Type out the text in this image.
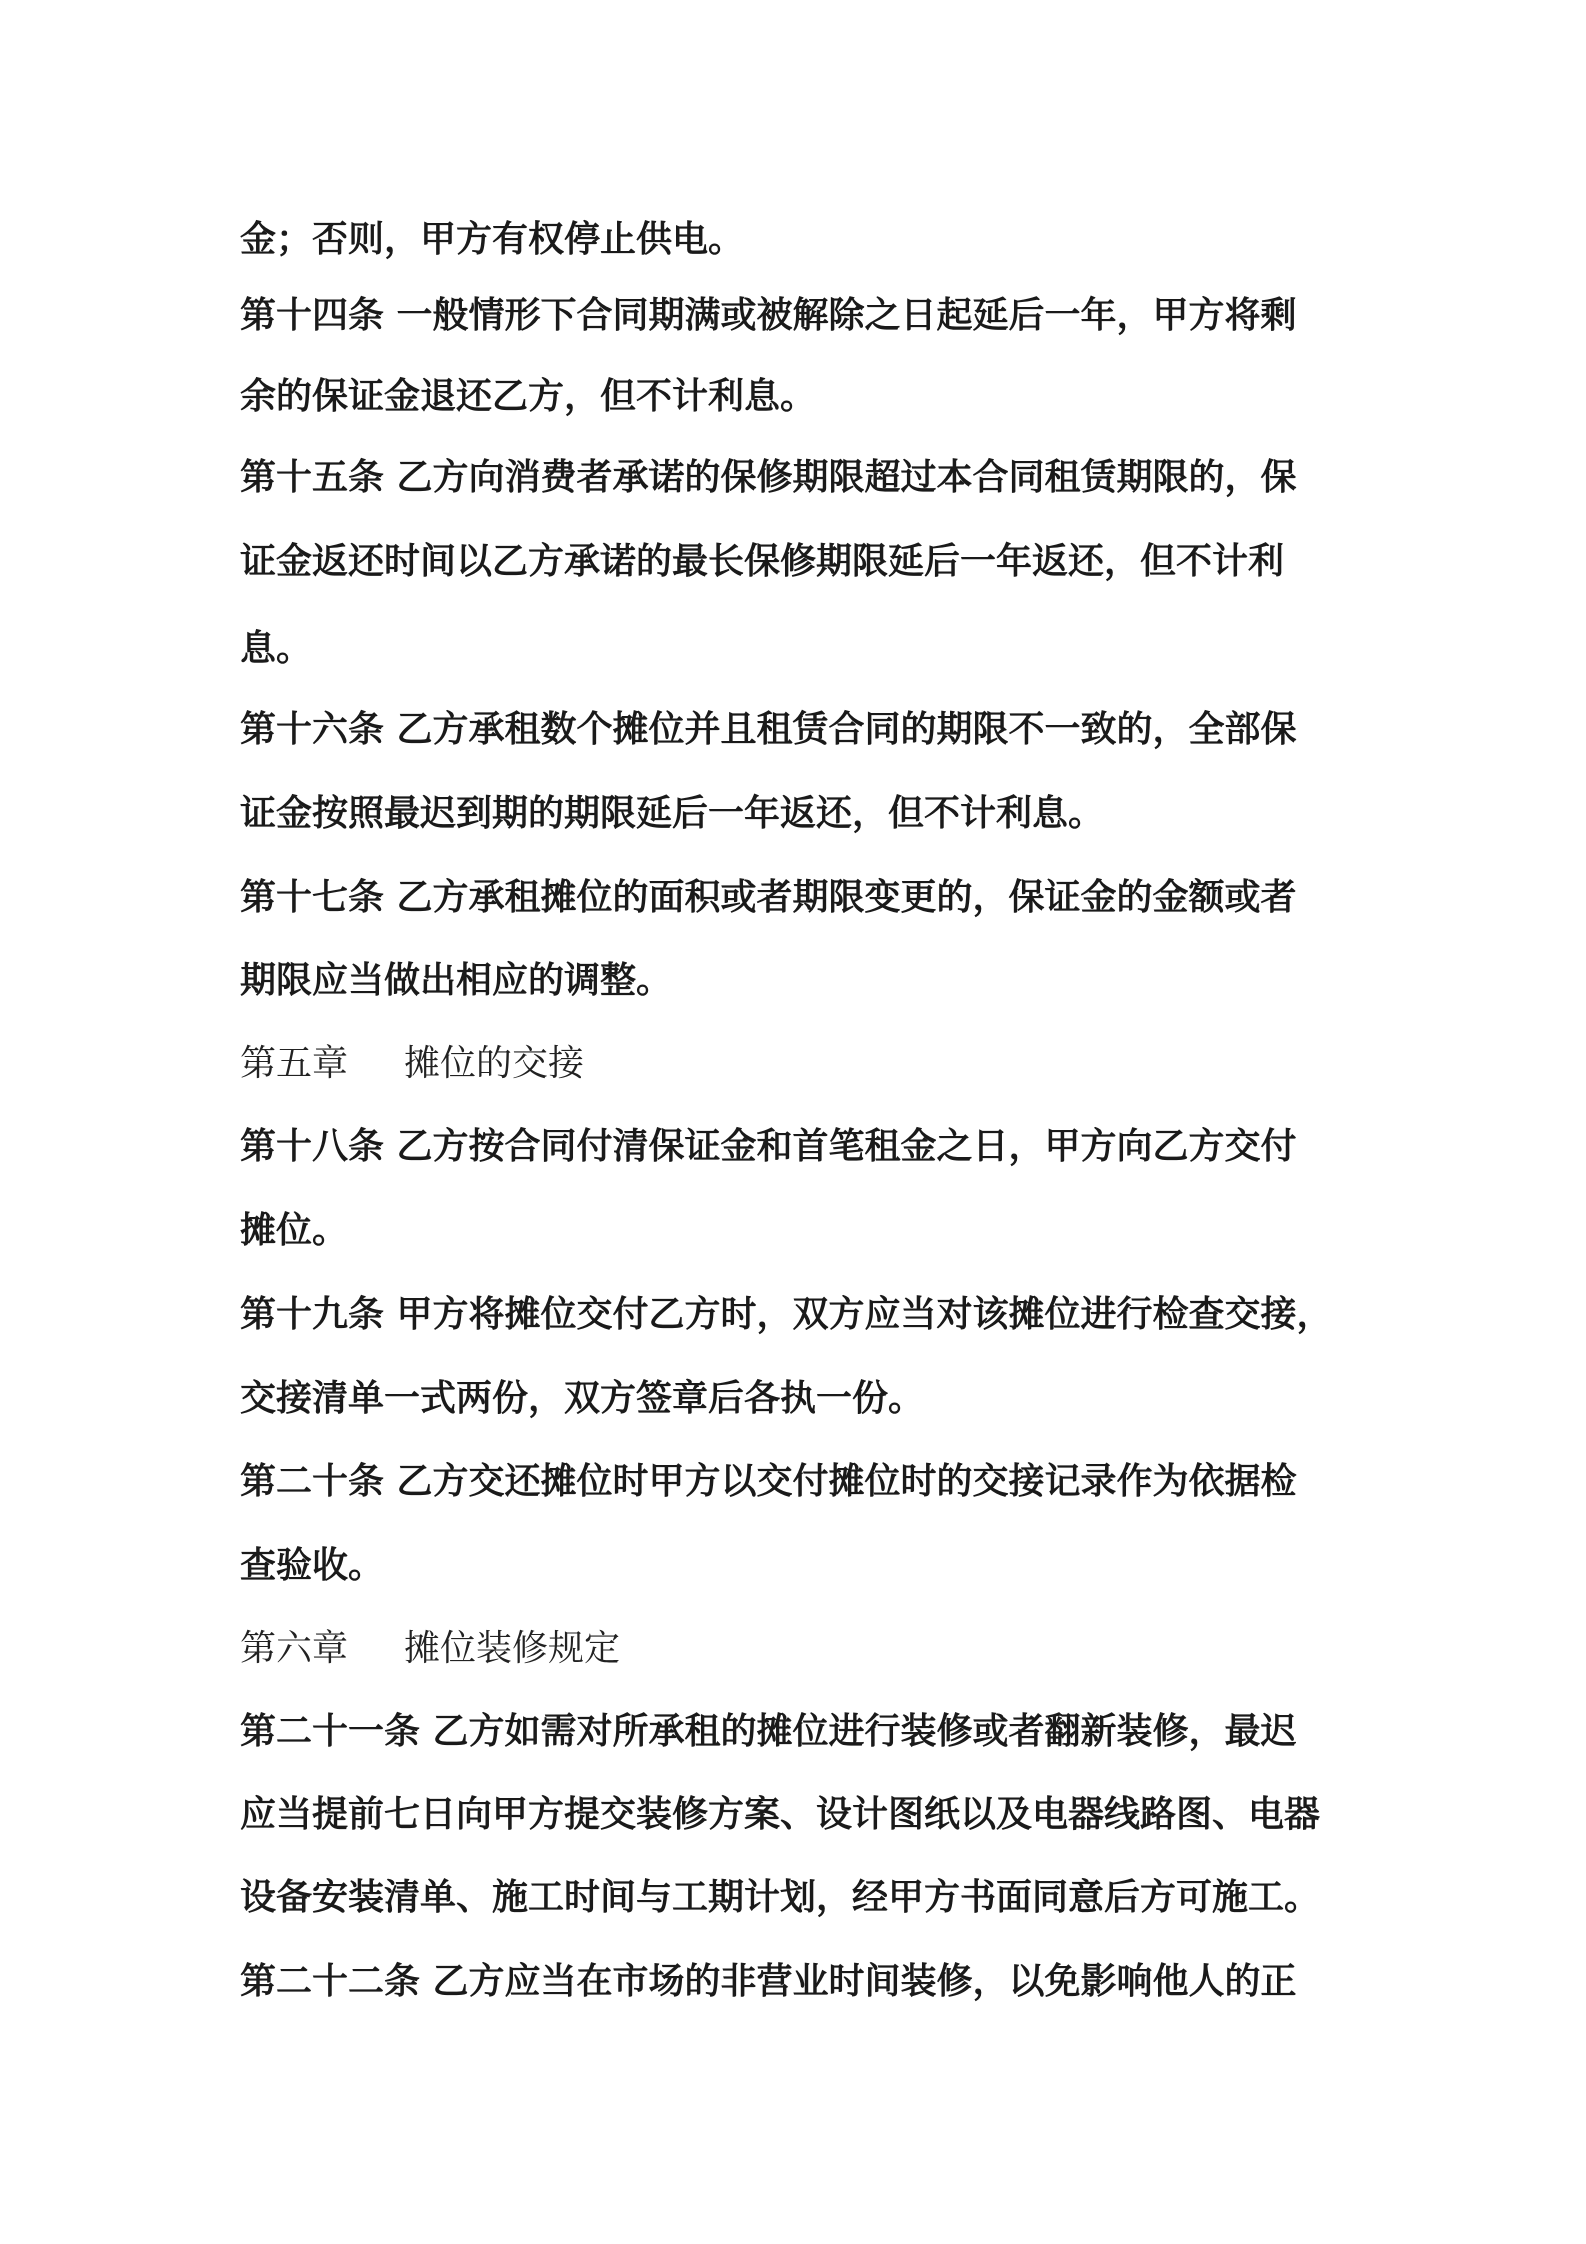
金；否则，甲方有权停止供电。
第十四条 一般情形下合同期满或被解除之日起延后一年，甲方将剩
余的保证金退还乙方，但不计利息。
第十五条 乙方向消费者承诺的保修期限超过本合同租赁期限的，保
证金返还时间以乙方承诺的最长保修期限延后一年返还，但不计利
息。
第十六条 乙方承租数个摊位并且租赁合同的期限不一致的，全部保
证金按照最迟到期的期限延后一年返还，但不计利息。
第十七条 乙方承租摊位的面积或者期限变更的，保证金的金额或者
期限应当做出相应的调整。
第五章 摊位的交接
第十八条 乙方按合同付清保证金和首笔租金之日，甲方向乙方交付
摊位。
第十九条 甲方将摊位交付乙方时，双方应当对该摊位进行检查交接，
交接清单一式两份，双方签章后各执一份。
第二十条 乙方交还摊位时甲方以交付摊位时的交接记录作为依据检
查验收。
第六章 摊位装修规定
第二十一条 乙方如需对所承租的摊位进行装修或者翻新装修，最迟
应当提前七日向甲方提交装修方案、设计图纸以及电器线路图、电器
设备安装清单、施工时间与工期计划，经甲方书面同意后方可施工。
第二十二条 乙方应当在市场的非营业时间装修，以免影响他人的正
